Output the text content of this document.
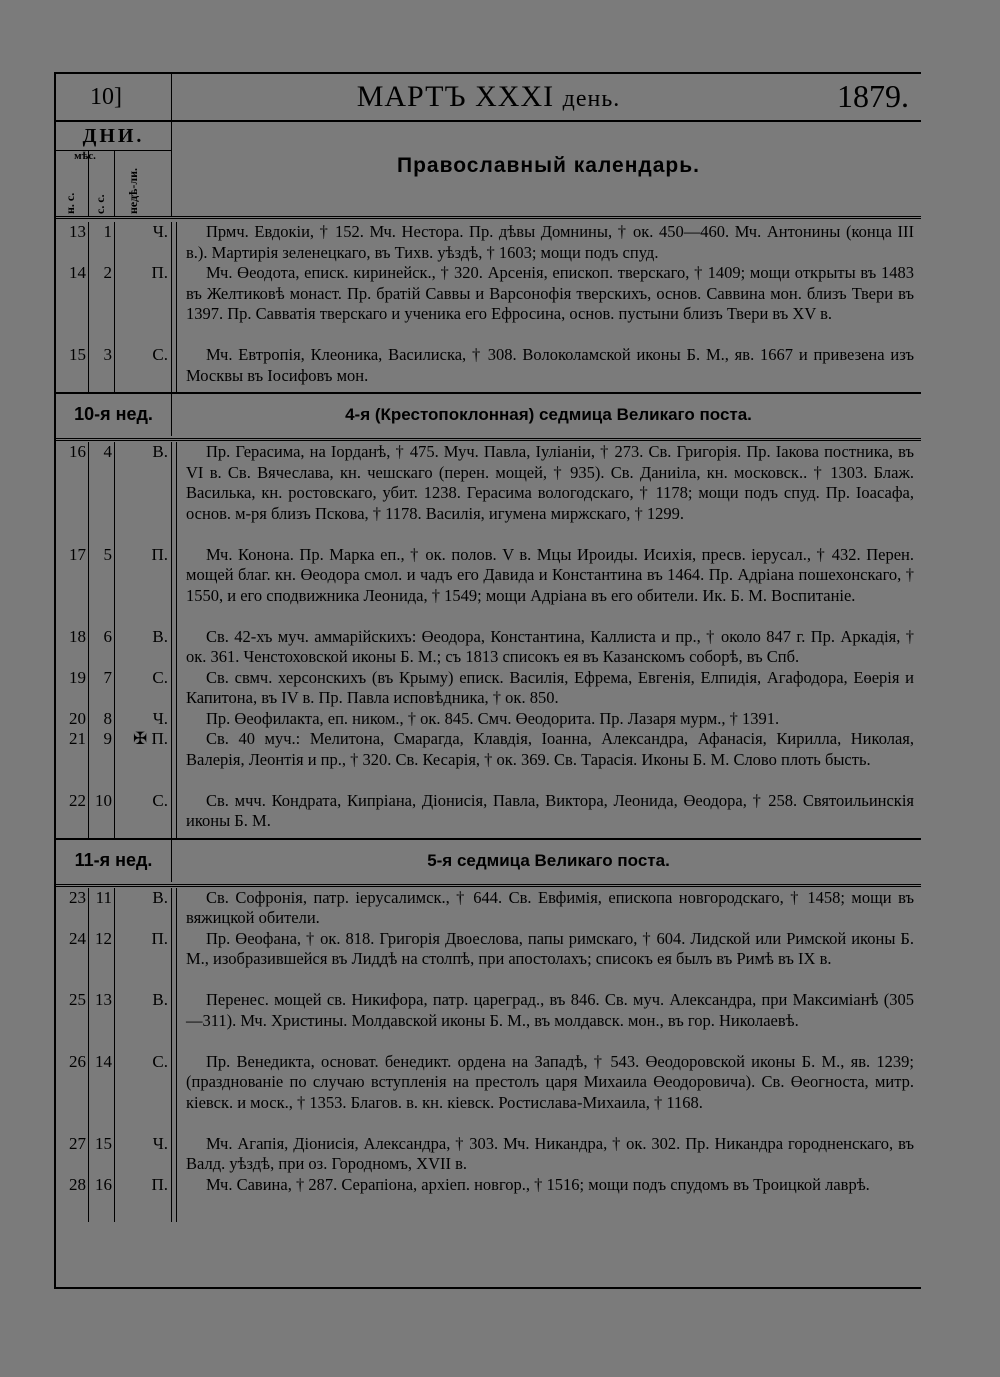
10]	МАРТЪ XXXI день.	1879.
ДНИ.
мѣс.
н. с. с. с. недѣ-ли.
Православный календарь.
13	1	Ч.	Прмч. Евдокiи, † 152. Мч. Нестора. Пр. дѣвы Домнины, † ок. 450—460. Мч. Антонины (конца III в.). Мартирiя зеленецкаго, въ Тихв. уѣздѣ, † 1603; мощи подъ спуд.
14	2	П.	Мч. Өеодота, еписк. киринейск., † 320. Арсенiя, епископ. тверскаго, † 1409; мощи открыты въ 1483 въ Желтиковѣ монаст. Пр. братiй Саввы и Варсонофiя тверскихъ, основ. Саввинa мон. близъ Твери въ 1397. Пр. Савватiя тверскаго и ученика его Ефросина, основ. пустыни близъ Твери въ XV в.
15	3	С.	Мч. Евтропiя, Клеоника, Василиска, † 308. Волоколамской иконы Б. М., яв. 1667 и привезена изъ Москвы въ Iосифовъ мон.
10-я нед.	4-я (Крестопоклонная) седмица Великаго поста.
16	4	В.	Пр. Герасима, на Iорданѣ, † 475. Муч. Павла, Iулiанiи, † 273. Св. Григорiя. Пр. Iакова постника, въ VI в. Св. Вячеслава, кн. чешскаго (перен. мощей, † 935). Св. Даниiла, кн. московск.. † 1303. Блаж. Василька, кн. ростовскаго, убит. 1238. Герасима вологодскаго, † 1178; мощи подъ спуд. Пр. Iоасафа, основ. м-ря близъ Пскова, † 1178. Василiя, игумена миржскаго, † 1299.
17	5	П.	Мч. Конона. Пр. Марка еп., † ок. полов. V в. Мцы Ироиды. Исихiя, пресв. iерусал., † 432. Перен. мощей благ. кн. Өеодора смол. и чадъ его Давида и Константина въ 1464. Пр. Адрiана пошехонскаго, † 1550, и его сподвижника Леонида, † 1549; мощи Адрiана въ его обители. Ик. Б. М. Воспитанiе.
18	6	В.	Св. 42-хъ муч. аммарiйскихъ: Өеодора, Константина, Каллиста и пр., † около 847 г. Пр. Аркадiя, † ок. 361. Ченстоховской иконы Б. М.; съ 1813 списокъ ея въ Казанскомъ соборѣ, въ Спб.
19	7	С.	Св. свмч. херсонскихъ (въ Крыму) еписк. Василiя, Ефрема, Евгенiя, Елпидiя, Агафодора, Еөерiя и Капитона, въ IV в. Пр. Павла исповѣдника, † ок. 850.
20	8	Ч.	Пр. Өеофилакта, еп. ником., † ок. 845. Смч. Өеодорита. Пр. Лазаря мурм., † 1391.
21	9	✠ П.	Св. 40 муч.: Мелитона, Смарагда, Клавдiя, Iоанна, Александра, Афанасiя, Кирилла, Николая, Валерiя, Леонтiя и пр., † 320. Св. Кесарiя, † ок. 369. Св. Тарасiя. Иконы Б. М. Слово плоть бысть.
22 10	С.	Св. мчч. Кондрата, Кипрiана, Дiонисiя, Павла, Виктора, Леонида, Өеодора, † 258. Святоильинскiя иконы Б. М.
11-я нед.	5-я седмица Великаго поста.
23 11	В.	Св. Софронiя, патр. iерусалимск., † 644. Св. Евфимiя, епископа новгородскаго, † 1458; мощи въ вяжицкой обители.
24 12	П.	Пр. Өеофана, † ок. 818. Григорiя Двоеслова, папы римскаго, † 604. Лидской или Римской иконы Б. М., изобразившейся въ Лиддѣ на столпѣ, при апостолахъ; списокъ ея былъ въ Римѣ въ IX в.
25 13	В.	Перенес. мощей св. Никифора, патр. цареград., въ 846. Св. муч. Александра, при Максимiанѣ (305—311). Мч. Христины. Молдавской иконы Б. М., въ молдавск. мон., въ гор. Николаевѣ.
26 14	С.	Пр. Венедикта, основат. бенедикт. ордена на Западѣ, † 543. Өеодоровской иконы Б. М., яв. 1239; (празднованiе по случаю вступленiя на престолъ царя Михаила Өеодоровича). Св. Өеогноста, митр. кiевск. и моск., † 1353. Благов. в. кн. кiевск. Ростислава-Михаила, † 1168.
27 15	Ч.	Мч. Агапiя, Дiонисiя, Александра, † 303. Мч. Никандра, † ок. 302. Пр. Никандра городненскаго, въ Валд. уѣздѣ, при оз. Городномъ, XVII в.
28 16	П.	Мч. Савина, † 287. Серапiона, архiеп. новгор., † 1516; мощи подъ спудомъ въ Троицкой лаврѣ.
